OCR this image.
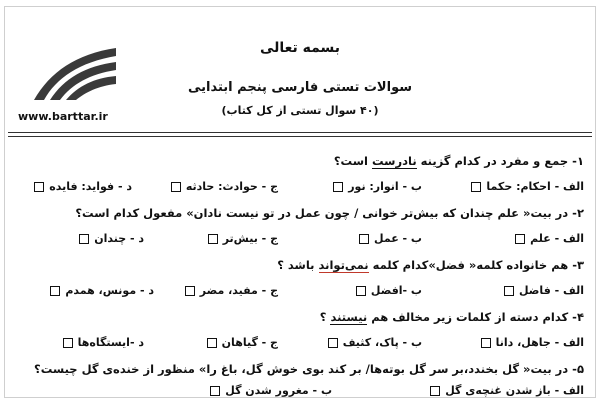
بسمه تعالی
سوالات تستی فارسی پنجم ابتدایی
(۴۰ سوال تستی از کل کتاب)
www.barttar.ir
۱- جمع و مفرد در کدام گزینه نادرست است؟
الف - احکام: حکما
ب - انوار: نور
ج - حوادث: حادثه
د - فواید: فایده
۲- در بیت« علم چندان که بیش‌تر خوانی / چون عمل در تو نیست نادان» مفعول کدام است؟
الف - علم
ب - عمل
ج - بیش‌تر
د - چندان
۳- هم خانواده کلمه« فضل»کدام کلمه نمی‌تواند باشد ؟
الف - فاضل
ب -افضل
ج - مفید، مضر
د - مونس، همدم
۴- کدام دسته از کلمات زیر مخالف هم نیستند ؟
الف - جاهل، دانا
ب - پاک، کثیف
ج - گیاهان
د -ایستگاه‌ها
۵- در بیت« گل بخندد،بر سر گل بوته‌ها/ بر کند بوی خوش گل، باغ را» منظور از خنده‌ی گل چیست؟
الف - باز شدن غنچه‌ی گل
ب - مغرور شدن گل
